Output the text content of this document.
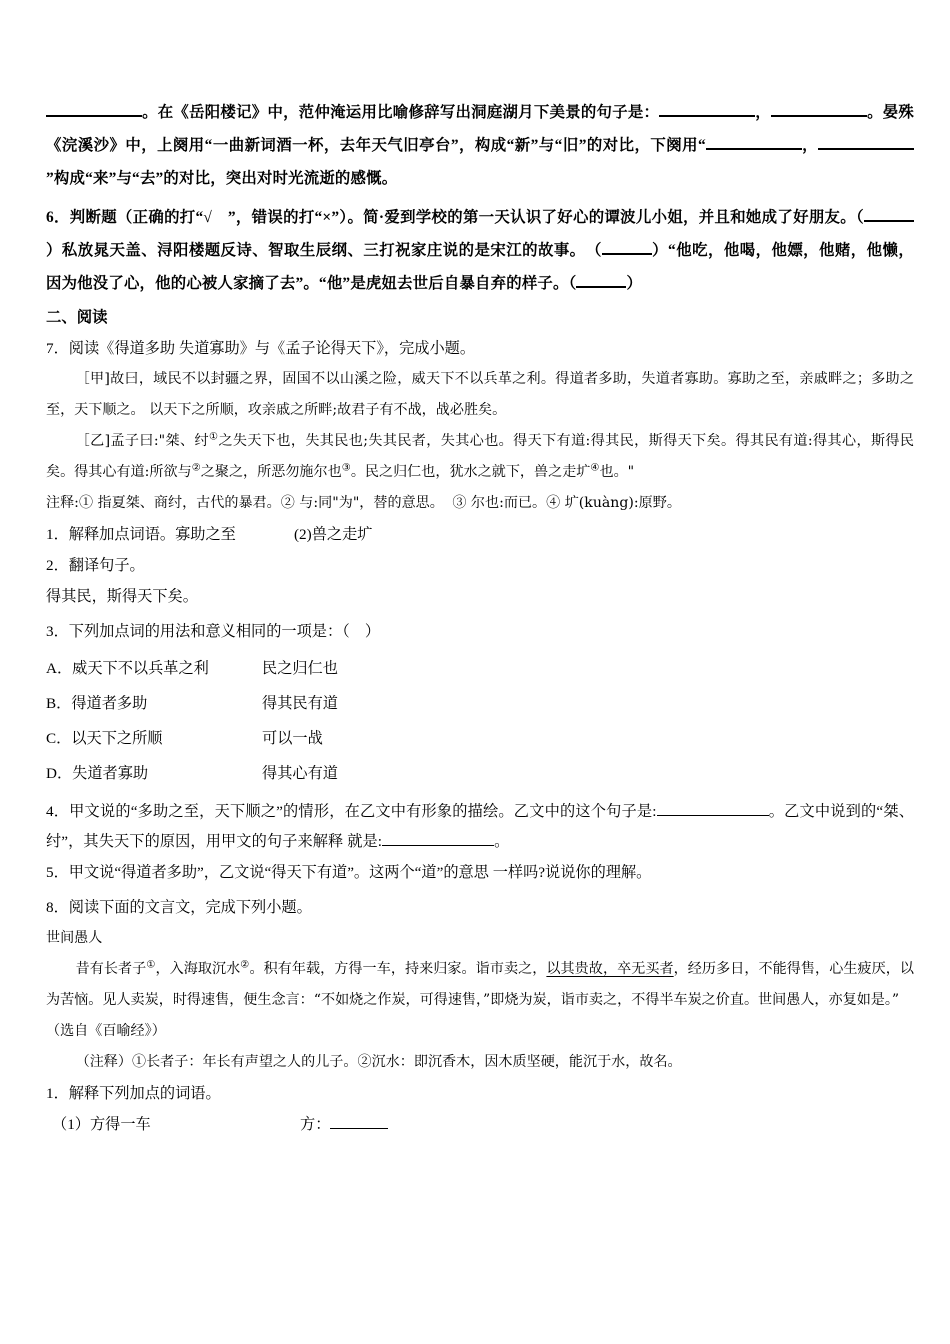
。在《岳阳楼记》中，范仲淹运用比喻修辞写出洞庭湖月下美景的句子是：	，	。晏殊《浣溪沙》中，上阕用“一曲新词酒一杯，去年天气旧亭台”，构成“新”与“旧”的对比，下阕用“	，”构成“来”与“去”的对比，突出对时光流逝的感慨。

6．判断题（正确的打“√　”，错误的打“×”）。简·爱到学校的第一天认识了好心的谭波儿小姐，并且和她成了好朋友。（）私放晁天盖、浔阳楼题反诗、智取生辰纲、三打祝家庄说的是宋江的故事。　（	）“他吃，他喝，他嫖，他赌，他懒，因为他没了心，他的心被人家摘了去”。“他”是虎妞去世后自暴自弃的样子。（	）

二、阅读

7．阅读《得道多助 失道寡助》与《孟子论得天下》，完成小题。

［甲]故曰，域民不以封疆之界，固国不以山溪之险，威天下不以兵革之利。得道者多助，失道者寡助。寡助之至，亲戚畔之；多助之至，天下顺之。 以天下之所顺，攻亲戚之所畔;故君子有不战，战必胜矣。

［乙]孟子曰:"桀、纣①之失天下也，失其民也;失其民者，失其心也。得天下有道:得其民，斯得天下矣。得其民有道:得其心，斯得民矣。得其心有道:所欲与②之聚之，所恶勿施尔也③。民之归仁也，犹水之就下，兽之走圹④也。"

注释:① 指夏桀、商纣，古代的暴君。② 与:同"为"，替的意思。 ③ 尔也:而已。④ 圹(kuàng):原野。

1．解释加点词语。寡助之至	(2)兽之走圹

2．翻译句子。

得其民，斯得天下矣。

3．下列加点词的用法和意义相同的一项是：（　）

A．威天下不以兵革之利	民之归仁也

B．得道者多助	得其民有道

C．以天下之所顺	可以一战

D．失道者寡助	得其心有道

4．甲文说的“多助之至，天下顺之”的情形，在乙文中有形象的描绘。乙文中的这个句子是:	。乙文中说到的“桀、纣”，其失天下的原因，用甲文的句子来解释 就是:	。

5．甲文说“得道者多助”，乙文说“得天下有道”。这两个“道”的意思 一样吗?说说你的理解。

8．阅读下面的文言文，完成下列小题。

世间愚人

昔有长者子①，入海取沉水②。积有年载，方得一车，持来归家。诣市卖之，以其贵故，卒无买者，经历多日，不能得售，心生疲厌，以为苦恼。见人卖炭，时得速售，便生念言：“不如烧之作炭，可得速售，”即烧为炭，诣市卖之，不得半车炭之价直。世间愚人，亦复如是。”

（选自《百喻经》）

（注释）①长者子：年长有声望之人的儿子。②沉水：即沉香木，因木质坚硬，能沉于水，故名。

1．解释下列加点的词语。

（1）方得一车	方：
